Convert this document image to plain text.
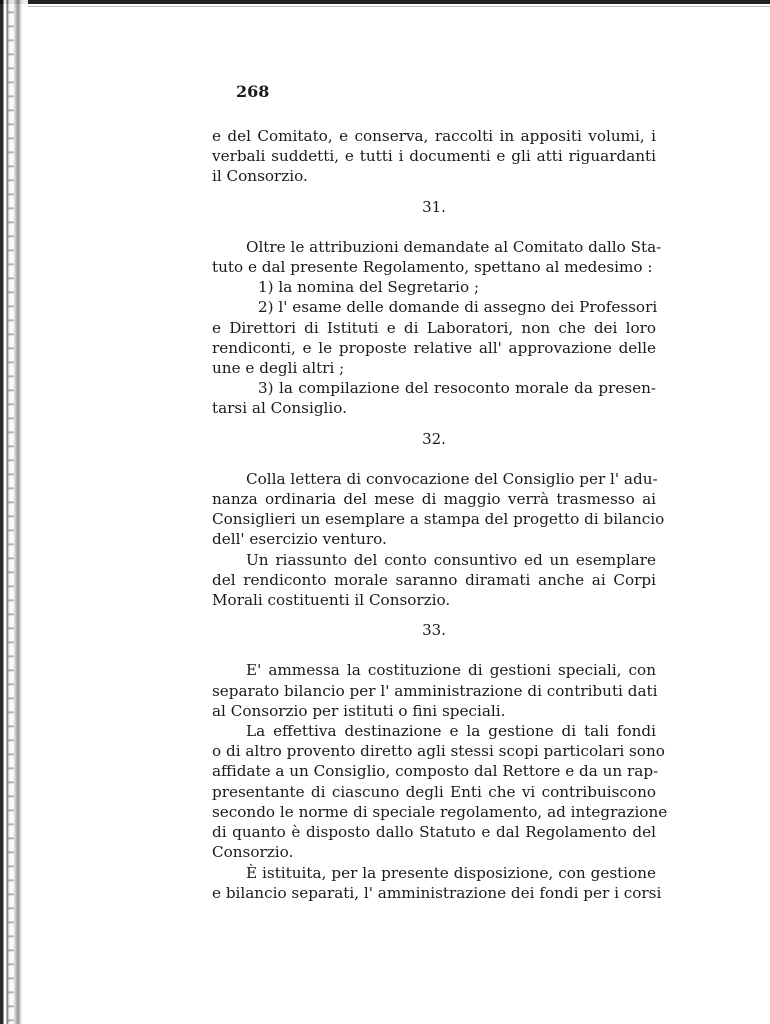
268
e del Comitato, e conserva, raccolti in appositi volumi, i
verbali suddetti, e tutti i documenti e gli atti riguardanti
il Consorzio.
31.
Oltre le attribuzioni demandate al Comitato dallo Sta-
tuto e dal presente Regolamento, spettano al medesimo :
1) la nomina del Segretario ;
2) l' esame delle domande di assegno dei Professori
e Direttori di Istituti e di Laboratori, non che dei loro
rendiconti, e le proposte relative all' approvazione delle
une e degli altri ;
3) la compilazione del resoconto morale da presen-
tarsi al Consiglio.
32.
Colla lettera di convocazione del Consiglio per l' adu-
nanza ordinaria del mese di maggio verrà trasmesso ai
Consiglieri un esemplare a stampa del progetto di bilancio
dell' esercizio venturo.
Un riassunto del conto consuntivo ed un esemplare
del rendiconto morale saranno diramati anche ai Corpi
Morali costituenti il Consorzio.
33.
E' ammessa la costituzione di gestioni speciali, con
separato bilancio per l' amministrazione di contributi dati
al Consorzio per istituti o fini speciali.
La effettiva destinazione e la gestione di tali fondi
o di altro provento diretto agli stessi scopi particolari sono
affidate a un Consiglio, composto dal Rettore e da un rap-
presentante di ciascuno degli Enti che vi contribuiscono
secondo le norme di speciale regolamento, ad integrazione
di quanto è disposto dallo Statuto e dal Regolamento del
Consorzio.
È istituita, per la presente disposizione, con gestione
e bilancio separati, l' amministrazione dei fondi per i corsi
